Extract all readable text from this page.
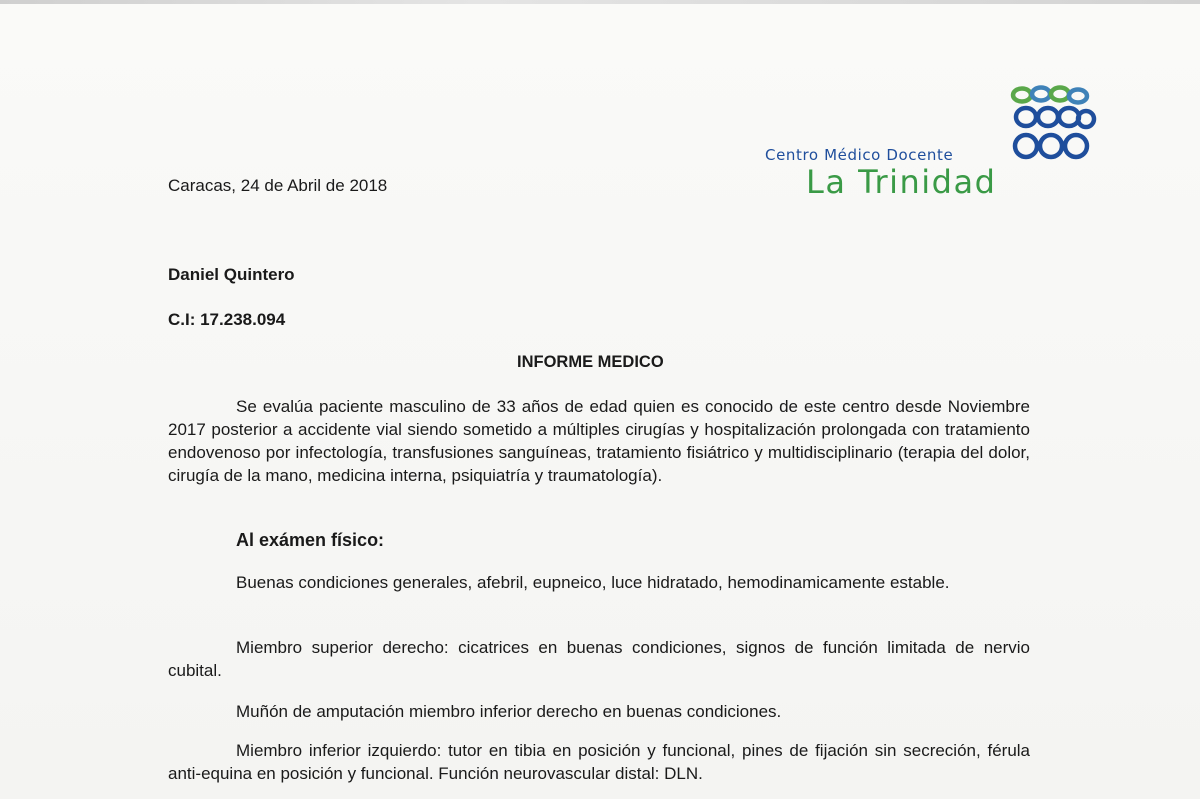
Centro Médico Docente
La Trinidad
Caracas, 24 de Abril de 2018
Daniel Quintero
C.I: 17.238.094
INFORME MEDICO
Se evalúa paciente masculino de 33 años de edad quien es conocido de este centro desde Noviembre 2017 posterior a accidente vial siendo sometido a múltiples cirugías y hospitalización prolongada con tratamiento endovenoso por infectología, transfusiones sanguíneas, tratamiento fisiátrico y multidisciplinario (terapia del dolor, cirugía de la mano, medicina interna, psiquiatría y traumatología).
Al exámen físico:
Buenas condiciones generales, afebril, eupneico, luce hidratado, hemodinamicamente estable.
Miembro superior derecho: cicatrices en buenas condiciones, signos de función limitada de nervio cubital.
Muñón de amputación miembro inferior derecho en buenas condiciones.
Miembro inferior izquierdo: tutor en tibia en posición y funcional, pines de fijación sin secreción, férula anti-equina en posición y funcional. Función neurovascular distal: DLN.
